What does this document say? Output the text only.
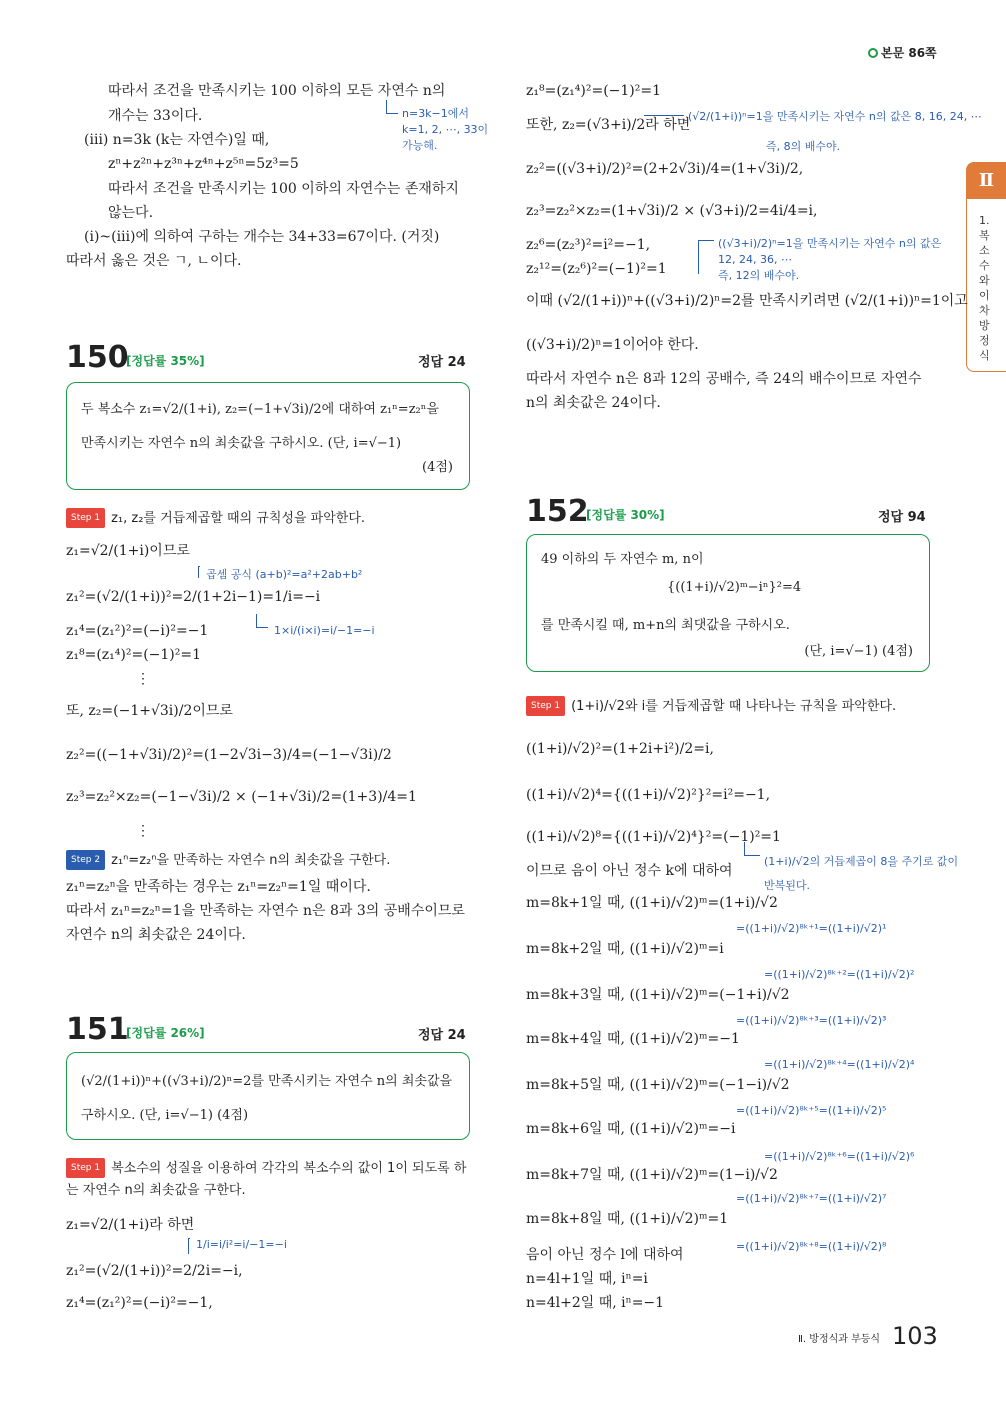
본문 86쪽
Ⅱ
1. 복소수와 이차방정식
따라서 조건을 만족시키는 100 이하의 모든 자연수 n의
개수는 33이다.
(ⅲ) n=3k (k는 자연수)일 때,
zⁿ+z²ⁿ+z³ⁿ+z⁴ⁿ+z⁵ⁿ=5z³=5
따라서 조건을 만족시키는 100 이하의 자연수는 존재하지
않는다.
(ⅰ)~(ⅲ)에 의하여 구하는 개수는 34+33=67이다. (거짓)
따라서 옳은 것은 ㄱ, ㄴ이다.
n=3k−1에서
k=1, 2, ⋯, 33이
가능해.
150
[정답률 35%]	정답 24
두 복소수 z₁=√2/(1+i), z₂=(−1+√3i)/2에 대하여 z₁ⁿ=z₂ⁿ을
만족시키는 자연수 n의 최솟값을 구하시오. (단, i=√−1)
(4점)
Step 1 z₁, z₂를 거듭제곱할 때의 규칙성을 파악한다.
z₁=√2/(1+i)이므로
z₁²=(√2/(1+i))²=2/(1+2i−1)=1/i=−i
z₁⁴=(z₁²)²=(−i)²=−1
z₁⁸=(z₁⁴)²=(−1)²=1
⋮
또, z₂=(−1+√3i)/2이므로
z₂²=((−1+√3i)/2)²=(1−2√3i−3)/4=(−1−√3i)/2
z₂³=z₂²×z₂=(−1−√3i)/2 × (−1+√3i)/2=(1+3)/4=1
⋮
곱셈 공식 (a+b)²=a²+2ab+b²
1×i/(i×i)=i/−1=−i
Step 2 z₁ⁿ=z₂ⁿ을 만족하는 자연수 n의 최솟값을 구한다.
z₁ⁿ=z₂ⁿ을 만족하는 경우는 z₁ⁿ=z₂ⁿ=1일 때이다.
따라서 z₁ⁿ=z₂ⁿ=1을 만족하는 자연수 n은 8과 3의 공배수이므로
자연수 n의 최솟값은 24이다.
151
[정답률 26%]	정답 24
(√2/(1+i))ⁿ+((√3+i)/2)ⁿ=2를 만족시키는 자연수 n의 최솟값을
구하시오. (단, i=√−1) (4점)
Step 1 복소수의 성질을 이용하여 각각의 복소수의 값이 1이 되도록 하
는 자연수 n의 최솟값을 구한다.
z₁=√2/(1+i)라 하면
z₁²=(√2/(1+i))²=2/2i=−i,
z₁⁴=(z₁²)²=(−i)²=−1,
1/i=i/i²=i/−1=−i
z₁⁸=(z₁⁴)²=(−1)²=1
또한, z₂=(√3+i)/2라 하면
z₂²=((√3+i)/2)²=(2+2√3i)/4=(1+√3i)/2,
z₂³=z₂²×z₂=(1+√3i)/2 × (√3+i)/2=4i/4=i,
z₂⁶=(z₂³)²=i²=−1,
z₂¹²=(z₂⁶)²=(−1)²=1
이때 (√2/(1+i))ⁿ+((√3+i)/2)ⁿ=2를 만족시키려면 (√2/(1+i))ⁿ=1이고
((√3+i)/2)ⁿ=1이어야 한다.
따라서 자연수 n은 8과 12의 공배수, 즉 24의 배수이므로 자연수
n의 최솟값은 24이다.
(√2/(1+i))ⁿ=1을 만족시키는 자연수 n의 값은 8, 16, 24, ⋯
즉, 8의 배수야.
((√3+i)/2)ⁿ=1을 만족시키는 자연수 n의 값은
12, 24, 36, ⋯
즉, 12의 배수야.
152
[정답률 30%]	정답 94
49 이하의 두 자연수 m, n이
{((1+i)/√2)ᵐ−iⁿ}²=4
를 만족시킬 때, m+n의 최댓값을 구하시오.
(단, i=√−1) (4점)
Step 1 (1+i)/√2와 i를 거듭제곱할 때 나타나는 규칙을 파악한다.
((1+i)/√2)²=(1+2i+i²)/2=i,
((1+i)/√2)⁴={((1+i)/√2)²}²=i²=−1,
((1+i)/√2)⁸={((1+i)/√2)⁴}²=(−1)²=1
이므로 음이 아닌 정수 k에 대하여
(1+i)/√2의 거듭제곱이 8을 주기로 값이
반복된다.
m=8k+1일 때, ((1+i)/√2)ᵐ=(1+i)/√2
=((1+i)/√2)⁸ᵏ⁺¹=((1+i)/√2)¹
m=8k+2일 때, ((1+i)/√2)ᵐ=i
=((1+i)/√2)⁸ᵏ⁺²=((1+i)/√2)²
m=8k+3일 때, ((1+i)/√2)ᵐ=(−1+i)/√2
=((1+i)/√2)⁸ᵏ⁺³=((1+i)/√2)³
m=8k+4일 때, ((1+i)/√2)ᵐ=−1
=((1+i)/√2)⁸ᵏ⁺⁴=((1+i)/√2)⁴
m=8k+5일 때, ((1+i)/√2)ᵐ=(−1−i)/√2
=((1+i)/√2)⁸ᵏ⁺⁵=((1+i)/√2)⁵
m=8k+6일 때, ((1+i)/√2)ᵐ=−i
=((1+i)/√2)⁸ᵏ⁺⁶=((1+i)/√2)⁶
m=8k+7일 때, ((1+i)/√2)ᵐ=(1−i)/√2
=((1+i)/√2)⁸ᵏ⁺⁷=((1+i)/√2)⁷
m=8k+8일 때, ((1+i)/√2)ᵐ=1
=((1+i)/√2)⁸ᵏ⁺⁸=((1+i)/√2)⁸
음이 아닌 정수 l에 대하여
n=4l+1일 때, iⁿ=i
n=4l+2일 때, iⁿ=−1
Ⅱ. 방정식과 부등식 103
